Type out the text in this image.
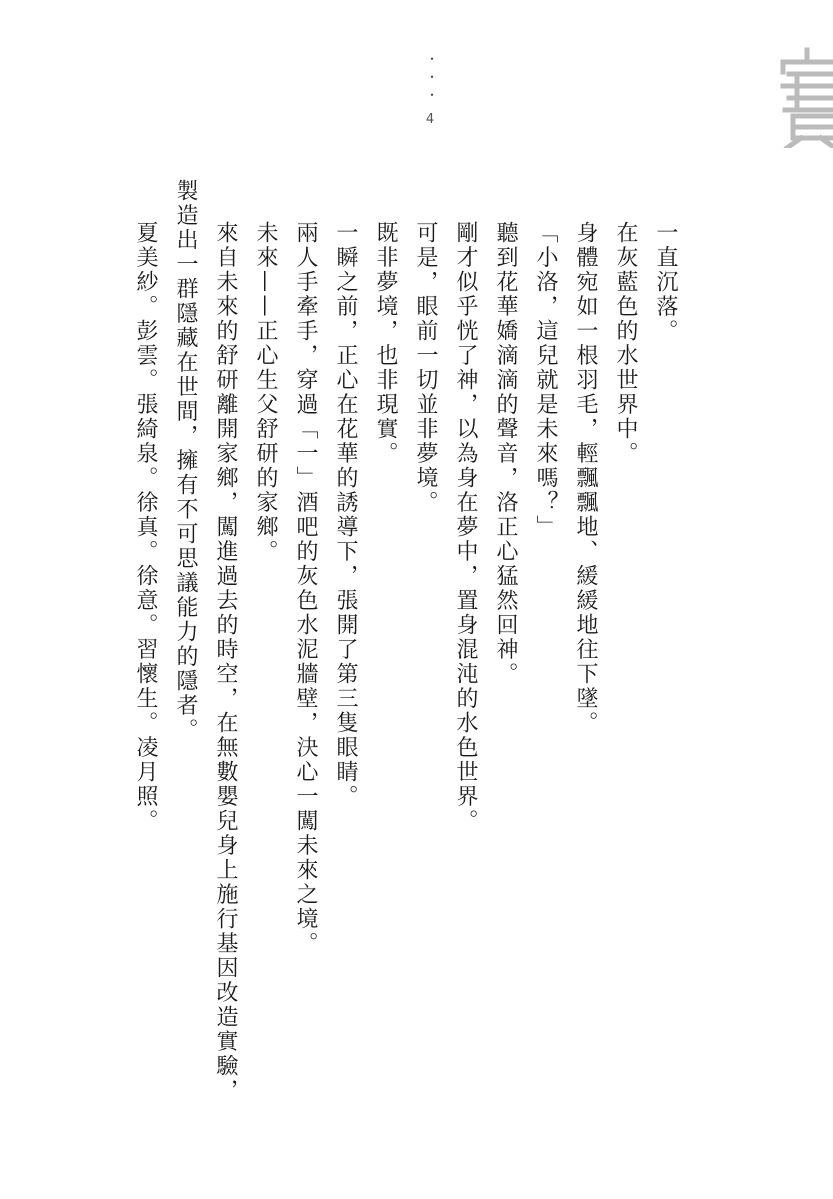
・・・
4
一直沉落。
在灰藍色的水世界中。
身體宛如一根羽毛，輕飄飄地、緩緩地往下墜。
「小洛，這兒就是未來嗎？」
聽到花華嬌滴滴的聲音，洛正心猛然回神。
剛才似乎恍了神，以為身在夢中，置身混沌的水色世界。
可是，眼前一切並非夢境。
既非夢境，也非現實。
一瞬之前，正心在花華的誘導下，張開了第三隻眼睛。
兩人手牽手，穿過「一」酒吧的灰色水泥牆壁，決心一闖未來之境。
未來——正心生父舒研的家鄉。
來自未來的舒研離開家鄉，闖進過去的時空，在無數嬰兒身上施行基因改造實驗，
製造出一群隱藏在世間，擁有不可思議能力的隱者。
夏美紗。彭雲。張綺泉。徐真。徐意。習懷生。凌月照。
